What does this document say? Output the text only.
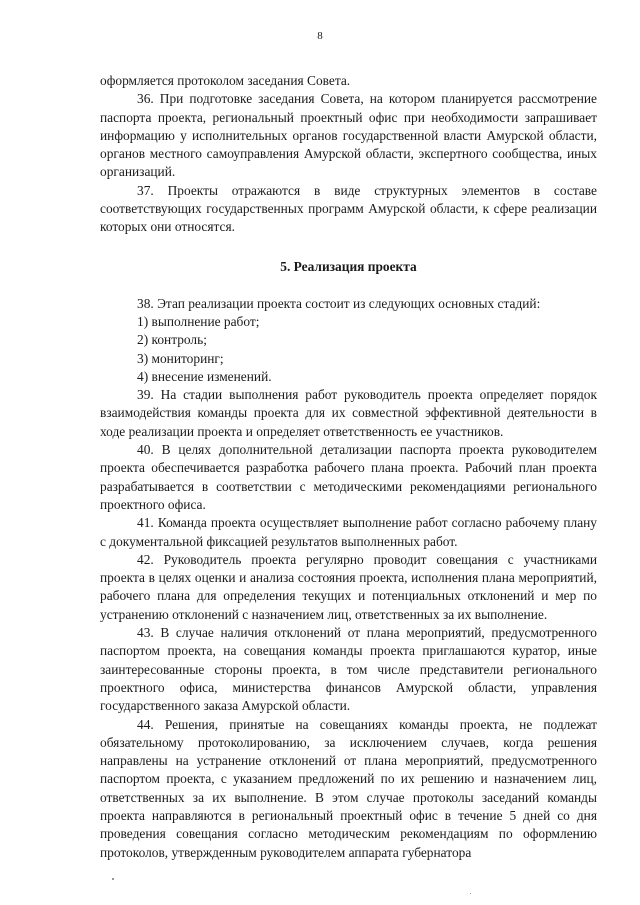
8

оформляется протоколом заседания Совета.

36. При подготовке заседания Совета, на котором планируется рассмотрение паспорта проекта, региональный проектный офис при необходимости запрашивает информацию у исполнительных органов государственной власти Амурской области, органов местного самоуправления Амурской области, экспертного сообщества, иных организаций.

37. Проекты отражаются в виде структурных элементов в составе соответствующих государственных программ Амурской области, к сфере реализации которых они относятся.

5. Реализация проекта

38. Этап реализации проекта состоит из следующих основных стадий:

1) выполнение работ;

2) контроль;

3) мониторинг;

4) внесение изменений.

39. На стадии выполнения работ руководитель проекта определяет порядок взаимодействия команды проекта для их совместной эффективной деятельности в ходе реализации проекта и определяет ответственность ее участников.

40. В целях дополнительной детализации паспорта проекта руководителем проекта обеспечивается разработка рабочего плана проекта. Рабочий план проекта разрабатывается в соответствии с методическими рекомендациями регионального проектного офиса.

41. Команда проекта осуществляет выполнение работ согласно рабочему плану с документальной фиксацией результатов выполненных работ.

42. Руководитель проекта регулярно проводит совещания с участниками проекта в целях оценки и анализа состояния проекта, исполнения плана мероприятий, рабочего плана для определения текущих и потенциальных отклонений и мер по устранению отклонений с назначением лиц, ответственных за их выполнение.

43. В случае наличия отклонений от плана мероприятий, предусмотренного паспортом проекта, на совещания команды проекта приглашаются куратор, иные заинтересованные стороны проекта, в том числе представители регионального проектного офиса, министерства финансов Амурской области, управления государственного заказа Амурской области.

44. Решения, принятые на совещаниях команды проекта, не подлежат обязательному протоколированию, за исключением случаев, когда решения направлены на устранение отклонений от плана мероприятий, предусмотренного паспортом проекта, с указанием предложений по их решению и назначением лиц, ответственных за их выполнение. В этом случае протоколы заседаний команды проекта направляются в региональный проектный офис в течение 5 дней со дня проведения совещания согласно методическим рекомендациям по оформлению протоколов, утвержденным руководителем аппарата губернатора
